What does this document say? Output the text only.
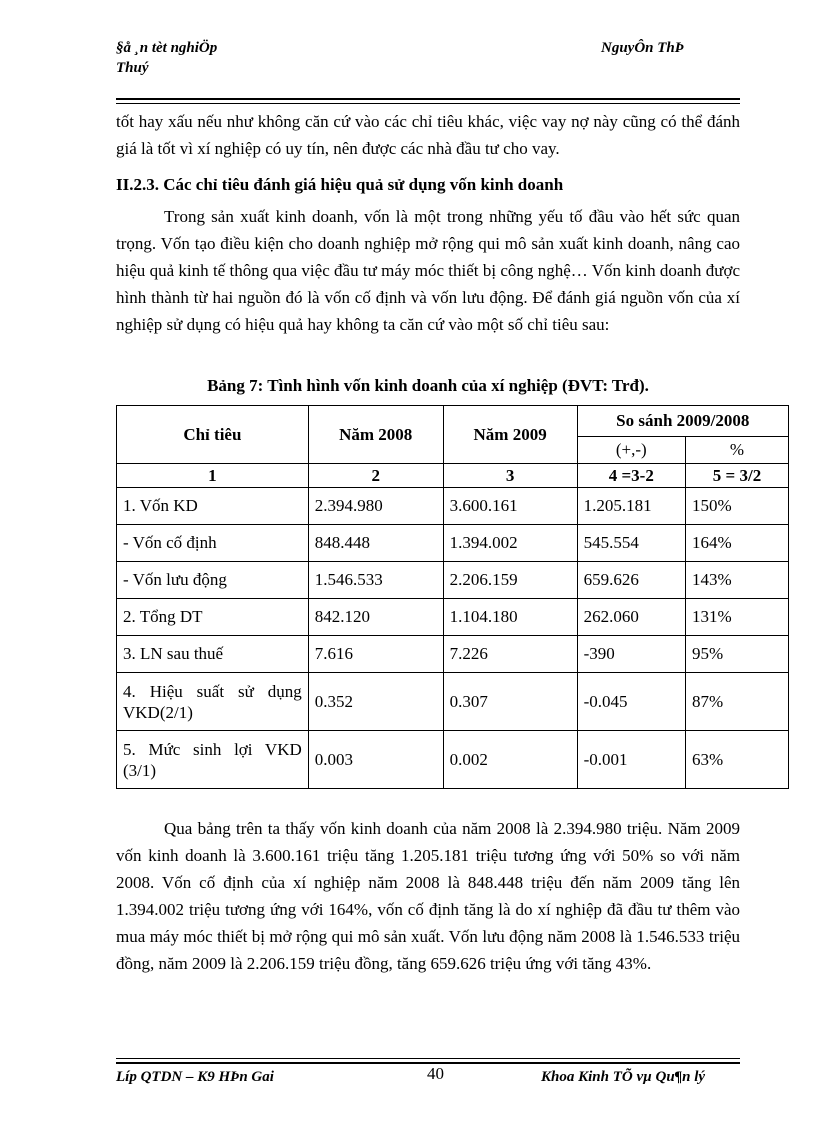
§å ¸n tèt nghiÖp
Thuý
NguyÔn ThÞ

tốt hay xấu nếu như không căn cứ vào các chỉ tiêu khác, việc vay nợ này cũng có thể đánh giá là tốt vì xí nghiệp có uy tín, nên được các nhà đầu tư cho vay.

II.2.3. Các chỉ tiêu đánh giá hiệu quả sử dụng vốn kinh doanh

Trong sản xuất kinh doanh, vốn là một trong những yếu tố đầu vào hết sức quan trọng. Vốn tạo điều kiện cho doanh nghiệp mở rộng qui mô sản xuất kinh doanh, nâng cao hiệu quả kinh tế thông qua việc đầu tư máy móc thiết bị công nghệ… Vốn kinh doanh được hình thành từ hai nguồn đó là vốn cố định và vốn lưu động. Để đánh giá nguồn vốn của xí nghiệp sử dụng có hiệu quả hay không ta căn cứ vào một số chỉ tiêu sau:

Bảng 7: Tình hình vốn kinh doanh của xí nghiệp (ĐVT: Trđ).

Chỉ tiêu	Năm 2008	Năm 2009	So sánh 2009/2008	
			(+,-)	%
1	2	3	4 =3-2	5 = 3/2
1. Vốn KD	2.394.980	3.600.161	1.205.181	150%
- Vốn cố định	848.448	1.394.002	545.554	164%
- Vốn lưu động	1.546.533	2.206.159	659.626	143%
2. Tổng DT	842.120	1.104.180	262.060	131%
3. LN sau thuế	7.616	7.226	-390	95%
4. Hiệu suất sử dụng VKD(2/1)	0.352	0.307	-0.045	87%
5. Mức sinh lợi VKD (3/1)	0.003	0.002	-0.001	63%

Qua bảng trên ta thấy vốn kinh doanh của năm 2008 là 2.394.980 triệu. Năm 2009 vốn kinh doanh là 3.600.161 triệu tăng 1.205.181 triệu tương ứng với 50% so với năm 2008. Vốn cố định của xí nghiệp năm 2008 là 848.448 triệu đến năm 2009 tăng lên 1.394.002 triệu tương ứng với 164%, vốn cố định tăng là do xí nghiệp đã đầu tư thêm vào mua máy móc thiết bị mở rộng qui mô sản xuất. Vốn lưu động năm 2008 là 1.546.533 triệu đồng, năm 2009 là 2.206.159 triệu đồng, tăng 659.626 triệu ứng với tăng 43%.

Líp QTDN – K9 HÞn Gai	40	Khoa Kinh TÕ vµ Qu¶n lý
